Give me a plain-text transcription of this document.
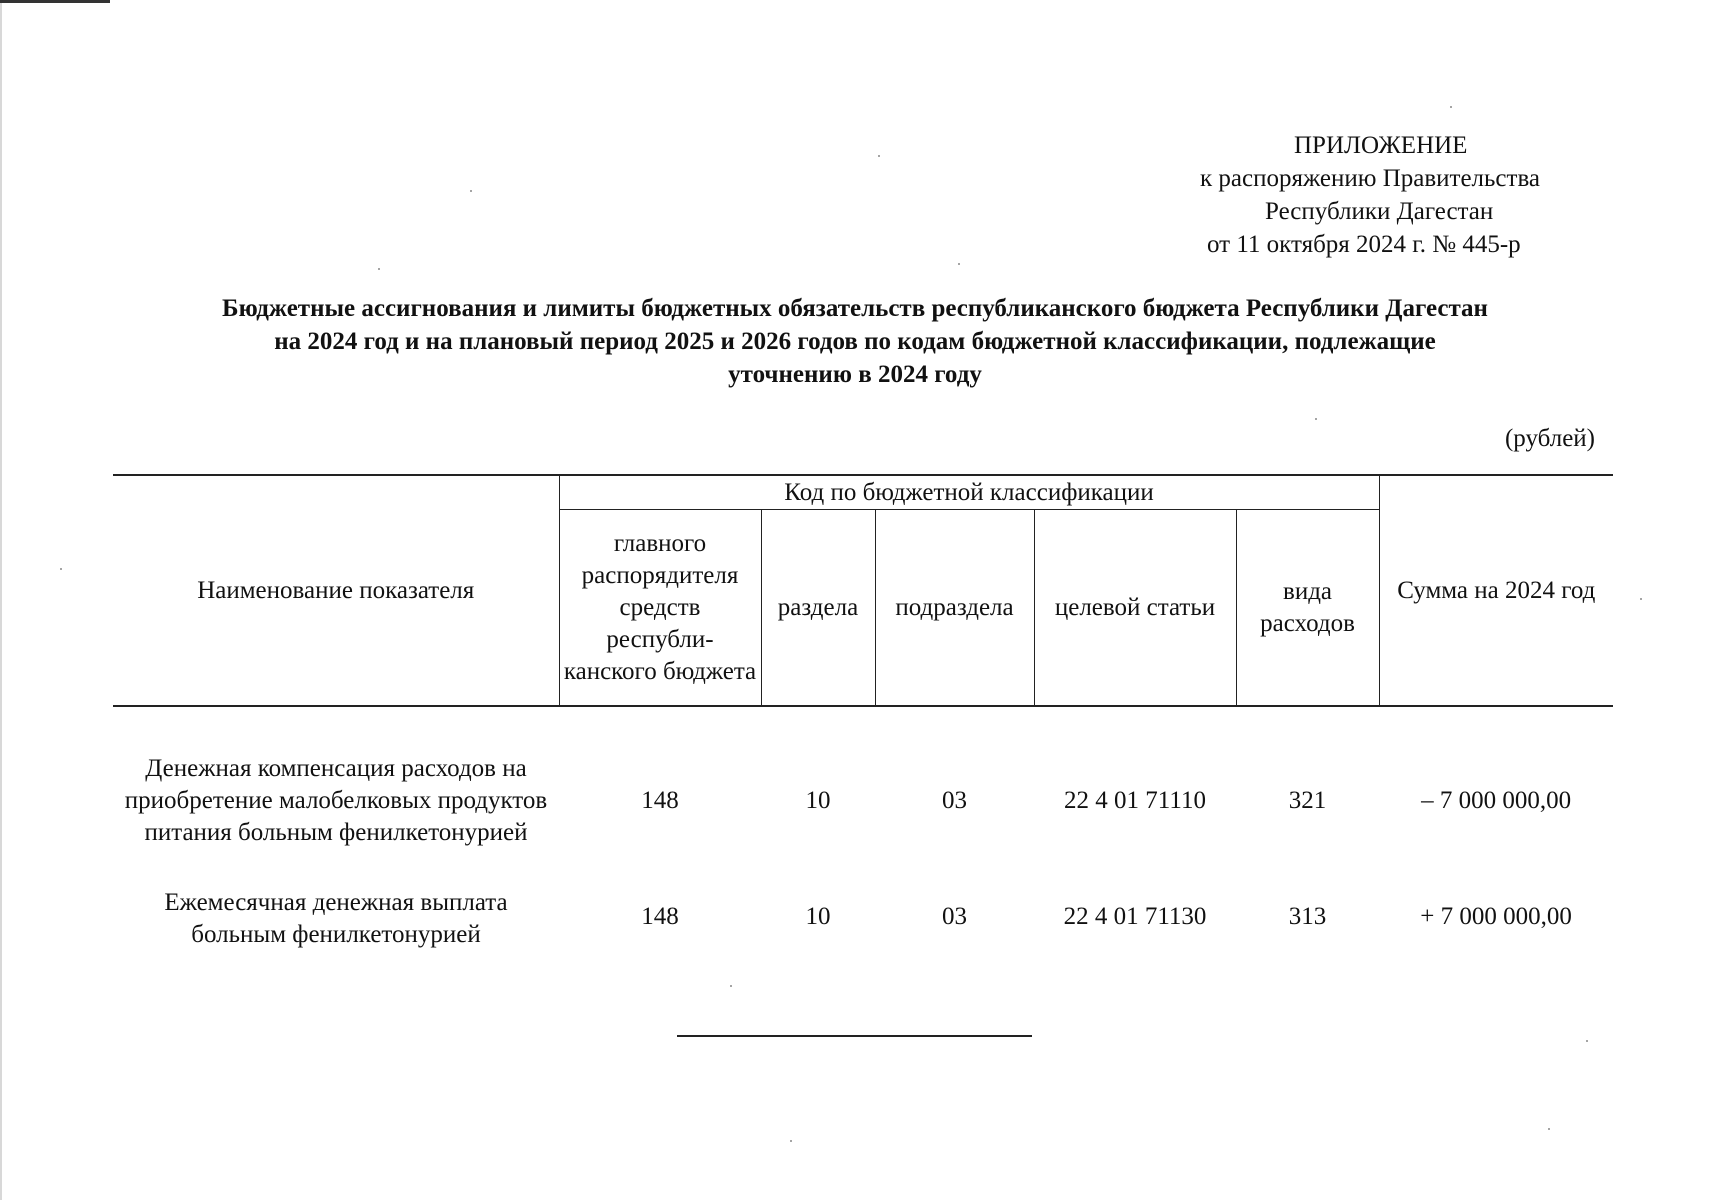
ПРИЛОЖЕНИЕ
к распоряжению Правительства
Республики Дагестан
от 11 октября 2024 г. № 445-р
Бюджетные ассигнования и лимиты бюджетных обязательств республиканского бюджета Республики Дагестан
на 2024 год и на плановый период 2025 и 2026 годов по кодам бюджетной классификации, подлежащие
уточнению в 2024 году
(рублей)
Наименование показателя	Код по бюджетной классификации					Сумма на 2024 год
	главного распорядителя средств республи- канского бюджета	раздела	подраздела	целевой статьи	вида расходов	
Денежная компенсация расходов на приобретение малобелковых продуктов питания больным фенилкетонурией	148	10	03	22 4 01 71110	321	– 7 000 000,00
Ежемесячная денежная выплата больным фенилкетонурией	148	10	03	22 4 01 71130	313	+ 7 000 000,00
